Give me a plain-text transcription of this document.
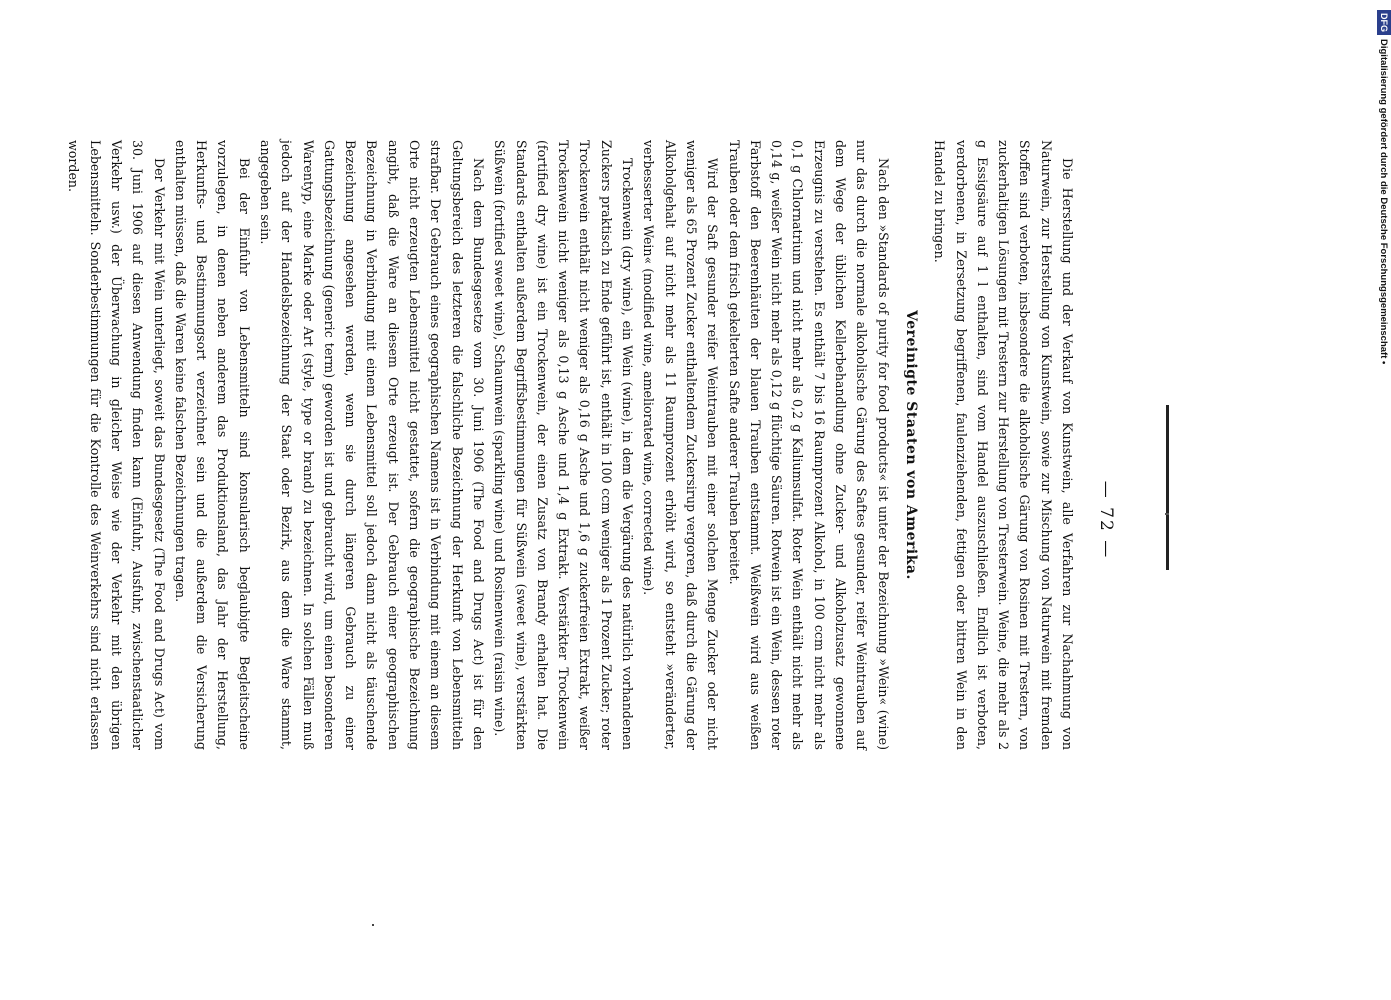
— 72 —

Die Herstellung und der Verkauf von Kunstwein, alle Verfahren zur Nachahmung von Naturwein, zur Herstellung von Kunstwein, sowie zur Mischung von Naturwein mit fremden Stoffen sind verboten, insbesondere die alkoholische Gärung von Rosinen mit Trestern, von zuckerhaltigen Lösungen mit Trestern zur Herstellung von Tresterwein. Weine, die mehr als 2 g Essigsäure auf 1 l enthalten, sind vom Handel auszuschließen. Endlich ist verboten, verdorbenen, in Zersetzung begriffenen, faulenziehenden, fettigen oder bittren Wein in den Handel zu bringen.

Vereinigte Staaten von Amerika.

Nach den »Standards of purity for food products« ist unter der Bezeichnung »Wein« (wine) nur das durch die normale alkoholische Gärung des Saftes gesunder, reifer Weintrauben auf dem Wege der üblichen Kellerbehandlung ohne Zucker- und Alkoholzusatz gewonnene Erzeugnis zu verstehen. Es enthält 7 bis 16 Raumprozent Alkohol, in 100 ccm nicht mehr als 0,1 g Chlornatrium und nicht mehr als 0,2 g Kaliumsulfat. Roter Wein enthält nicht mehr als 0,14 g, weißer Wein nicht mehr als 0,12 g flüchtige Säuren. Rotwein ist ein Wein, dessen roter Farbstoff den Beerenhäuten der blauen Trauben entstammt. Weißwein wird aus weißen Trauben oder dem frisch gekelterten Safte anderer Trauben bereitet.

Wird der Saft gesunder reifer Weintrauben mit einer solchen Menge Zucker oder nicht weniger als 65 Prozent Zucker enthaltendem Zuckersirup vergoren, daß durch die Gärung der Alkoholgehalt auf nicht mehr als 11 Raumprozent erhöht wird, so entsteht »veränderter, verbesserter Wein« (modified wine, ameliorated wine, corrected wine).

Trockenwein (dry wine), ein Wein (wine), in dem die Vergärung des natürlich vorhandenen Zuckers praktisch zu Ende geführt ist, enthält in 100 ccm weniger als 1 Prozent Zucker; roter Trockenwein enthält nicht weniger als 0,16 g Asche und 1,6 g zuckerfreien Extrakt, weißer Trockenwein nicht weniger als 0,13 g Asche und 1,4 g Extrakt. Verstärkter Trockenwein (fortified dry wine) ist ein Trockenwein, der einen Zusatz von Brandy erhalten hat. Die Standards enthalten außerdem Begriffsbestimmungen für Süßwein (sweet wine), verstärkten Süßwein (fortified sweet wine), Schaumwein (sparkling wine) und Rosinenwein (raisin wine).

Nach dem Bundesgesetze vom 30. Juni 1906 (The Food and Drugs Act) ist für den Geltungsbereich des letzteren die falschliche Bezeichnung der Herkunft von Lebensmitteln strafbar. Der Gebrauch eines geographischen Namens ist in Verbindung mit einem an diesem Orte nicht erzeugten Lebensmittel nicht gestattet, sofern die geographische Bezeichnung angibt, daß die Ware an diesem Orte erzeugt ist. Der Gebrauch einer geographischen Bezeichnung in Verbindung mit einem Lebensmittel soll jedoch dann nicht als täuschende Bezeichnung angesehen werden, wenn sie durch längeren Gebrauch zu einer Gattungsbezeichnung (generic term) geworden ist und gebraucht wird, um einen besonderen Warentyp, eine Marke oder Art (style, type or brand) zu bezeichnen. In solchen Fällen muß jedoch auf der Handelsbezeichnung der Staat oder Bezirk, aus dem die Ware stammt, angegeben sein.

Bei der Einfuhr von Lebensmitteln sind konsularisch beglaubigte Begleitscheine vorzulegen, in denen neben anderem das Produktionsland, das Jahr der Herstellung, Herkunfts- und Bestimmungsort verzeichnet sein und die außerdem die Versicherung enthalten müssen, daß die Waren keine falschen Bezeichnungen tragen.

Der Verkehr mit Wein unterliegt, soweit das Bundesgesetz (The Food and Drugs Act) vom 30. Juni 1906 auf diesen Anwendung finden kann (Einfuhr, Ausfuhr, zwischenstaatlicher Verkehr usw.) der Überwachung in gleicher Weise wie der Verkehr mit den übrigen Lebensmitteln. Sonderbestimmungen für die Kontrolle des Weinverkehrs sind nicht erlassen worden.

DFGDigitalisierung gefördert durch die Deutsche Forschungsgemeinschaft •
